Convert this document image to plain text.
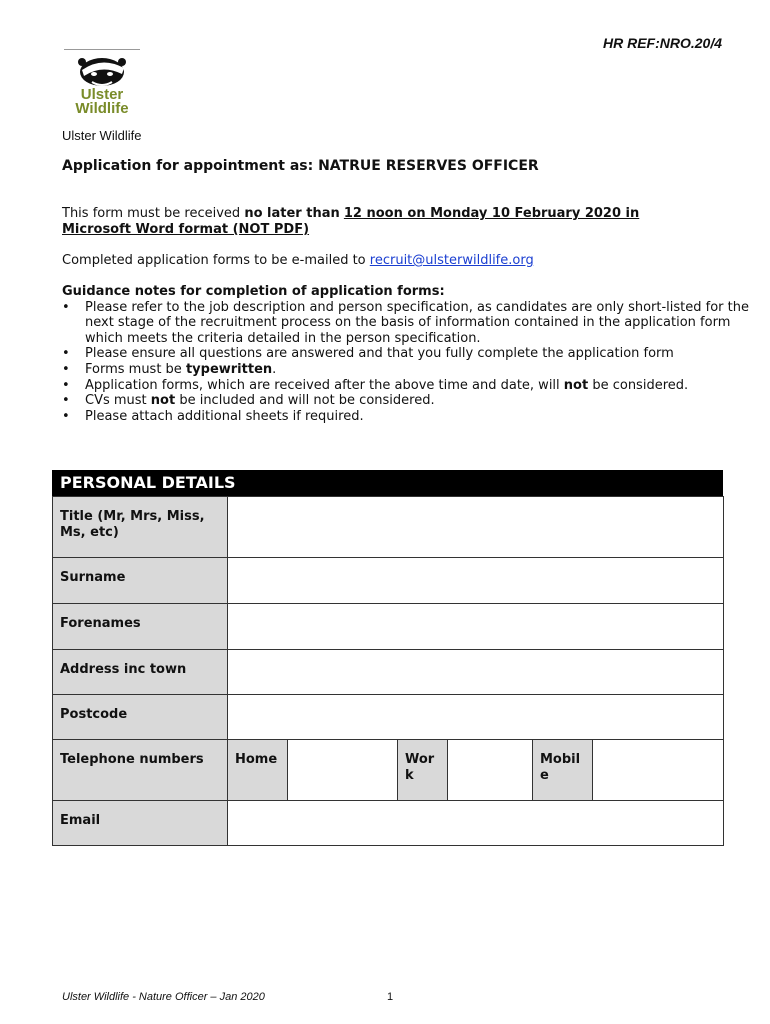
HR REF:NRO.20/4
Ulster
Wildlife
Ulster Wildlife
Application for appointment as: NATRUE RESERVES OFFICER
This form must be received no later than 12 noon on Monday 10 February 2020 in
Microsoft Word format (NOT PDF)
Completed application forms to be e-mailed to recruit@ulsterwildlife.org
Guidance notes for completion of application forms:
• Please refer to the job description and person specification, as candidates are only short-listed for the next stage of the recruitment process on the basis of information contained in the application form which meets the criteria detailed in the person specification.
• Please ensure all questions are answered and that you fully complete the application form
• Forms must be typewritten.
• Application forms, which are received after the above time and date, will not be considered.
• CVs must not be included and will not be considered.
• Please attach additional sheets if required.
PERSONAL DETAILS
Title (Mr, Mrs, Miss, Ms, etc)						
Surname						
Forenames						
Address inc town						
Postcode						
Telephone numbers	Home		Wor k		Mobil e	
Email						
Ulster Wildlife - Nature Officer – Jan 2020	1
